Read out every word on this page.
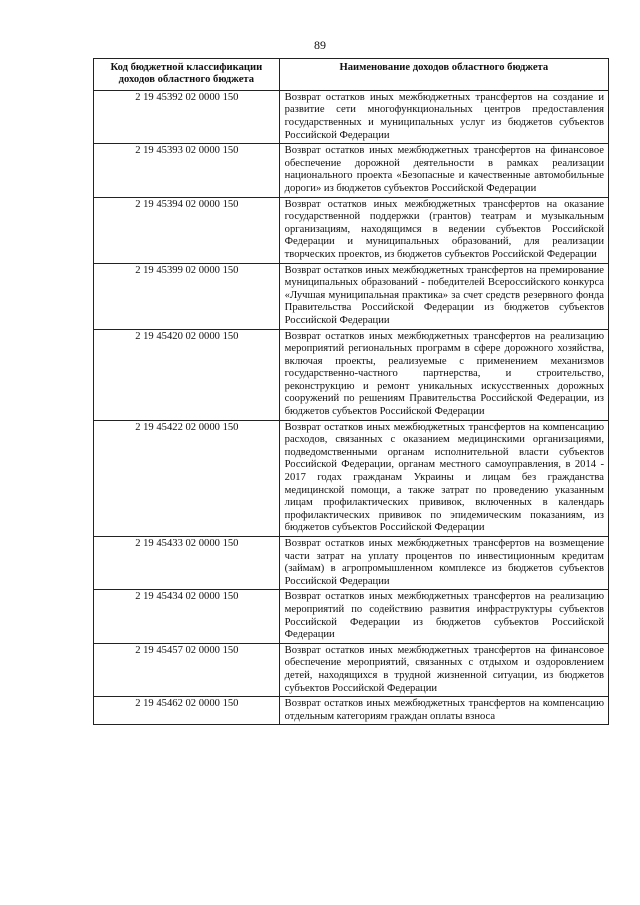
89
Код бюджетной классификации доходов областного бюджета	Наименование доходов областного бюджета
2 19 45392 02 0000 150	Возврат остатков иных межбюджетных трансфертов на создание и развитие сети многофункциональных центров предоставления государственных и муниципальных услуг из бюджетов субъектов Российской Федерации
2 19 45393 02 0000 150	Возврат остатков иных межбюджетных трансфертов на финансовое обеспечение дорожной деятельности в рамках реализации национального проекта «Безопасные и качественные автомобильные дороги» из бюджетов субъектов Российской Федерации
2 19 45394 02 0000 150	Возврат остатков иных межбюджетных трансфертов на оказание государственной поддержки (грантов) театрам и музыкальным организациям, находящимся в ведении субъектов Российской Федерации и муниципальных образований, для реализации творческих проектов, из бюджетов субъектов Российской Федерации
2 19 45399 02 0000 150	Возврат остатков иных межбюджетных трансфертов на премирование муниципальных образований - победителей Всероссийского конкурса «Лучшая муниципальная практика» за счет средств резервного фонда Правительства Российской Федерации из бюджетов субъектов Российской Федерации
2 19 45420 02 0000 150	Возврат остатков иных межбюджетных трансфертов на реализацию мероприятий региональных программ в сфере дорожного хозяйства, включая проекты, реализуемые с применением механизмов государственно-частного партнерства, и строительство, реконструкцию и ремонт уникальных искусственных дорожных сооружений по решениям Правительства Российской Федерации, из бюджетов субъектов Российской Федерации
2 19 45422 02 0000 150	Возврат остатков иных межбюджетных трансфертов на компенсацию расходов, связанных с оказанием медицинскими организациями, подведомственными органам исполнительной власти субъектов Российской Федерации, органам местного самоуправления, в 2014 - 2017 годах гражданам Украины и лицам без гражданства медицинской помощи, а также затрат по проведению указанным лицам профилактических прививок, включенных в календарь профилактических прививок по эпидемическим показаниям, из бюджетов субъектов Российской Федерации
2 19 45433 02 0000 150	Возврат остатков иных межбюджетных трансфертов на возмещение части затрат на уплату процентов по инвестиционным кредитам (займам) в агропромышленном комплексе из бюджетов субъектов Российской Федерации
2 19 45434 02 0000 150	Возврат остатков иных межбюджетных трансфертов на реализацию мероприятий по содействию развития инфраструктуры субъектов Российской Федерации из бюджетов субъектов Российской Федерации
2 19 45457 02 0000 150	Возврат остатков иных межбюджетных трансфертов на финансовое обеспечение мероприятий, связанных с отдыхом и оздоровлением детей, находящихся в трудной жизненной ситуации, из бюджетов субъектов Российской Федерации
2 19 45462 02 0000 150	Возврат остатков иных межбюджетных трансфертов на компенсацию отдельным категориям граждан оплаты взноса
